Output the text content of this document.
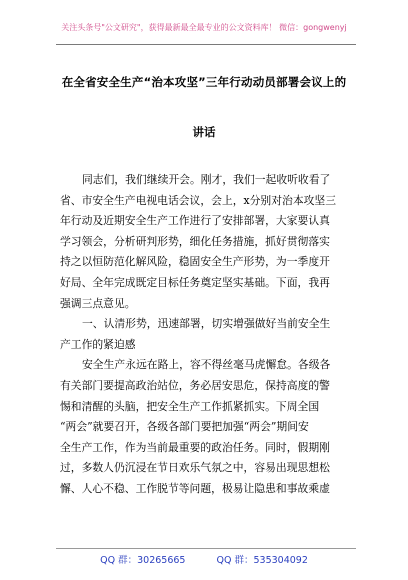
关注头条号"公文研究"，获得最新最全最专业的公文资料库！ 微信：gongwenyj
在全省安全生产“治本攻坚”三年行动动员部署会议上的
讲话
同志们，我们继续开会。刚才，我们一起收听收看了
省、市安全生产电视电话会议，会上，x分别对治本攻坚三
年行动及近期安全生产工作进行了安排部署，大家要认真
学习领会，分析研判形势，细化任务措施，抓好贯彻落实
持之以恒防范化解风险，稳固安全生产形势，为一季度开
好局、全年完成既定目标任务奠定坚实基础。下面，我再
强调三点意见。
一、认清形势，迅速部署，切实增强做好当前安全生
产工作的紧迫感
安全生产永远在路上，容不得丝毫马虎懈怠。各级各
有关部门要提高政治站位，务必居安思危，保持高度的警
惕和清醒的头脑，把安全生产工作抓紧抓实。下周全国
“两会”就要召开，各级各部门要把加强“两会”期间安
全生产工作，作为当前最重要的政治任务。同时，假期刚
过，多数人仍沉浸在节日欢乐气氛之中，容易出现思想松
懈、人心不稳、工作脱节等问题，极易让隐患和事故乘虚
QQ 群：30265665	QQ 群：535304092
